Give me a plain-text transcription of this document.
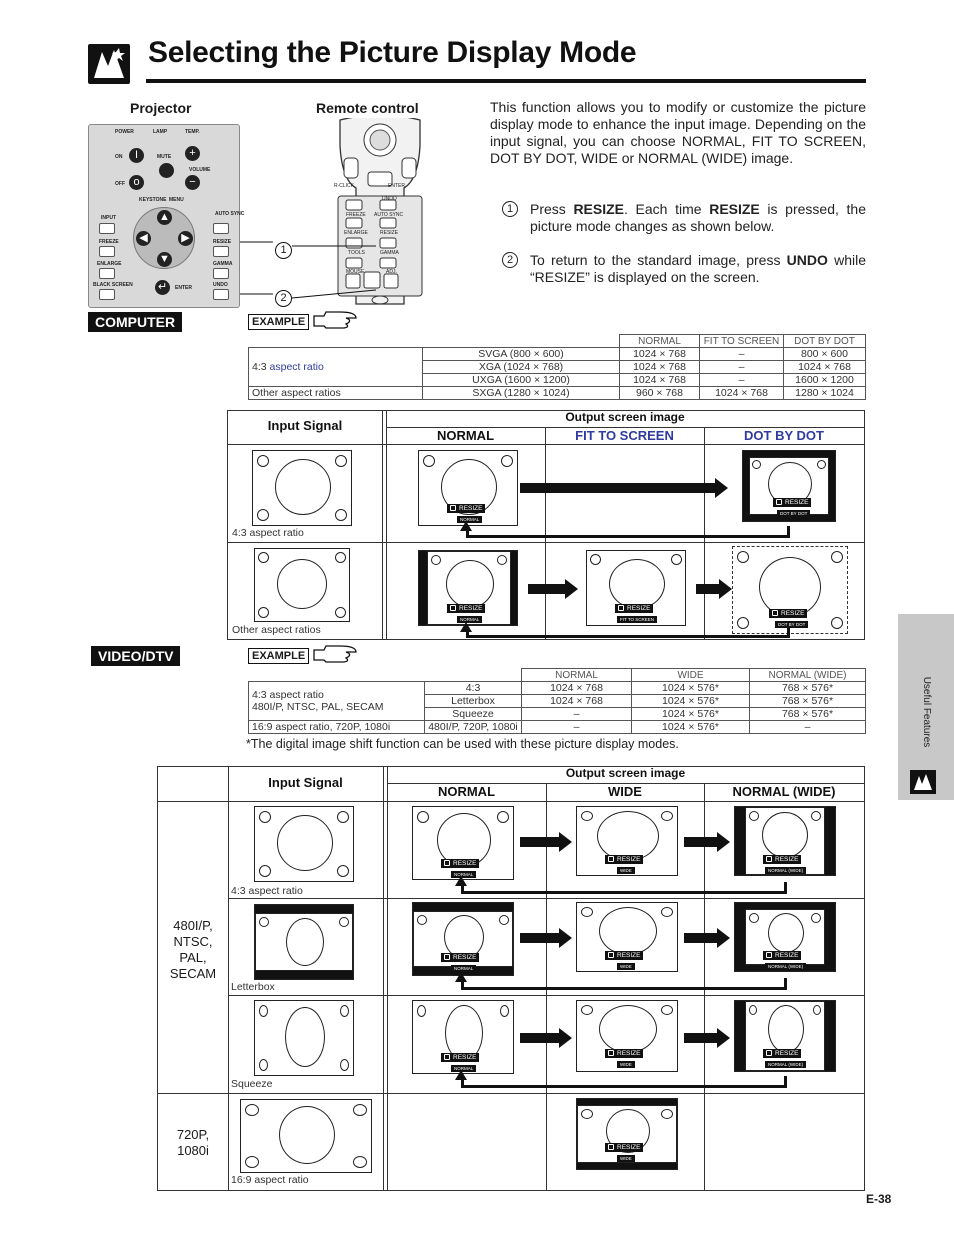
Selecting the Picture Display Mode
Projector	Remote control	This function allows you to modify or customize the picture display mode to enhance the input image. Depending on the input signal, you can choose NORMAL, FIT TO SCREEN, DOT BY DOT, WIDE or NORMAL (WIDE) image.
1	Press RESIZE. Each time RESIZE is pressed, the picture mode changes as shown below.
2	To return to the standard image, press UNDO while “RESIZE” is displayed on the screen.
POWER	LAMP	TEMP.
ON	I	MUTE	+
VOLUME
OFF o	−
KEYSTONE MENU
INPUT
AUTO SYNC
FREEZE	RESIZE
ENLARGE	GAMMA
BLACK SCREEN	ENTER
↵	UNDO
▲
▼
◀	▶
R-CLICK	ENTER
UNDO
FREEZE AUTO SYNC
ENLARGE RESIZE
TOOLS	GAMMA
MOUSE	ADJ.
1
2
COMPUTER	EXAMPLE
		NORMAL	FIT TO SCREEN	DOT BY DOT
4:3 aspect ratio	SVGA (800 × 600)	1024 × 768	–	800 × 600
	XGA (1024 × 768)	1024 × 768	–	1024 × 768
	UXGA (1600 × 1200)	1024 × 768	–	1600 × 1200
Other aspect ratios	SXGA (1280 × 1024)	960 × 768	1024 × 768	1280 × 1024
Input Signal
Output screen image
NORMAL	FIT TO SCREEN	DOT BY DOT
4:3 aspect ratio
Other aspect ratios
RESIZE
NORMAL
RESIZE
DOT BY DOT
RESIZE
NORMAL
RESIZE
FIT TO SCREEN
RESIZE
DOT BY DOT
VIDEO/DTV	EXAMPLE
		NORMAL	WIDE	NORMAL (WIDE)
4:3 aspect ratio
480I/P, NTSC, PAL, SECAM	4:3	1024 × 768	1024 × 576*	768 × 576*
	Letterbox	1024 × 768	1024 × 576*	768 × 576*
	Squeeze	–	1024 × 576*	768 × 576*
16:9 aspect ratio, 720P, 1080i	480I/P, 720P, 1080i	–	1024 × 576*	–
*The digital image shift function can be used with these picture display modes.
Input Signal
Output screen image
NORMAL	WIDE	NORMAL (WIDE)
480I/P,
NTSC,
PAL,
SECAM
720P,
1080i
4:3 aspect ratio
Letterbox
Squeeze
16:9 aspect ratio
RESIZE
NORMAL
RESIZE
WIDE
RESIZE
NORMAL (WIDE)
RESIZE
NORMAL
RESIZE
WIDE
RESIZE
NORMAL (WIDE)
RESIZE
NORMAL
RESIZE
WIDE
RESIZE
NORMAL (WIDE)
RESIZE
WIDE
Useful Features
E-38
